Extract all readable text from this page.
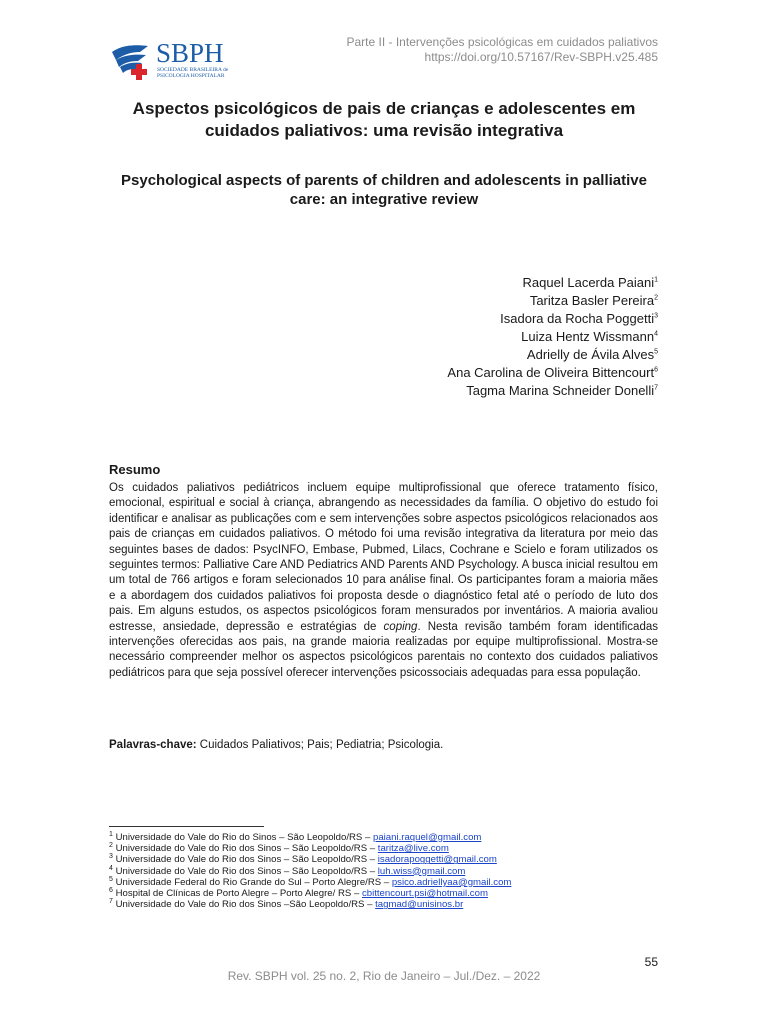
SBPH
SOCIEDADE BRASILEIRA de
PSICOLOGIA HOSPITALAR
Parte II - Intervenções psicológicas em cuidados paliativos
https://doi.org/10.57167/Rev-SBPH.v25.485
Aspectos psicológicos de pais de crianças e adolescentes em cuidados paliativos: uma revisão integrativa
Psychological aspects of parents of children and adolescents in palliative care: an integrative review
Raquel Lacerda Paiani$^1$
Taritza Basler Pereira$^2$
Isadora da Rocha Poggetti$^3$
Luiza Hentz Wissmann$^4$
Adrielly de Ávila Alves$^5$
Ana Carolina de Oliveira Bittencourt$^6$
Tagma Marina Schneider Donelli$^7$
Resumo

Os cuidados paliativos pediátricos incluem equipe multiprofissional que oferece tratamento físico, emocional, espiritual e social à criança, abrangendo as necessidades da família. O objetivo do estudo foi identificar e analisar as publicações com e sem intervenções sobre aspectos psicológicos relacionados aos pais de crianças em cuidados paliativos. O método foi uma revisão integrativa da literatura por meio das seguintes bases de dados: PsycINFO, Embase, Pubmed, Lilacs, Cochrane e Scielo e foram utilizados os seguintes termos: Palliative Care AND Pediatrics AND Parents AND Psychology. A busca inicial resultou em um total de 766 artigos e foram selecionados 10 para análise final. Os participantes foram a maioria mães e a abordagem dos cuidados paliativos foi proposta desde o diagnóstico fetal até o período de luto dos pais. Em alguns estudos, os aspectos psicológicos foram mensurados por inventários. A maioria avaliou estresse, ansiedade, depressão e estratégias de coping. Nesta revisão também foram identificadas intervenções oferecidas aos pais, na grande maioria realizadas por equipe multiprofissional. Mostra-se necessário compreender melhor os aspectos psicológicos parentais no contexto dos cuidados paliativos pediátricos para que seja possível oferecer intervenções psicossociais adequadas para essa população.

Palavras-chave: Cuidados Paliativos; Pais; Pediatria; Psicologia.

$^1$ Universidade do Vale do Rio do Sinos – São Leopoldo/RS – paiani.raquel@gmail.com
$^2$ Universidade do Vale do Rio dos Sinos – São Leopoldo/RS – taritza@live.com
$^3$ Universidade do Vale do Rio dos Sinos – São Leopoldo/RS – isadorapoggetti@gmail.com
$^4$ Universidade do Vale do Rio dos Sinos – São Leopoldo/RS – luh.wiss@gmail.com
$^5$ Universidade Federal do Rio Grande do Sul – Porto Alegre/RS – psico.adriellyaa@gmail.com
$^6$ Hospital de Clínicas de Porto Alegre – Porto Alegre/ RS – cbittencourt.psi@hotmail.com
$^7$ Universidade do Vale do Rio dos Sinos –São Leopoldo/RS – tagmad@unisinos.br
55
Rev. SBPH vol. 25 no. 2, Rio de Janeiro – Jul./Dez. – 2022
